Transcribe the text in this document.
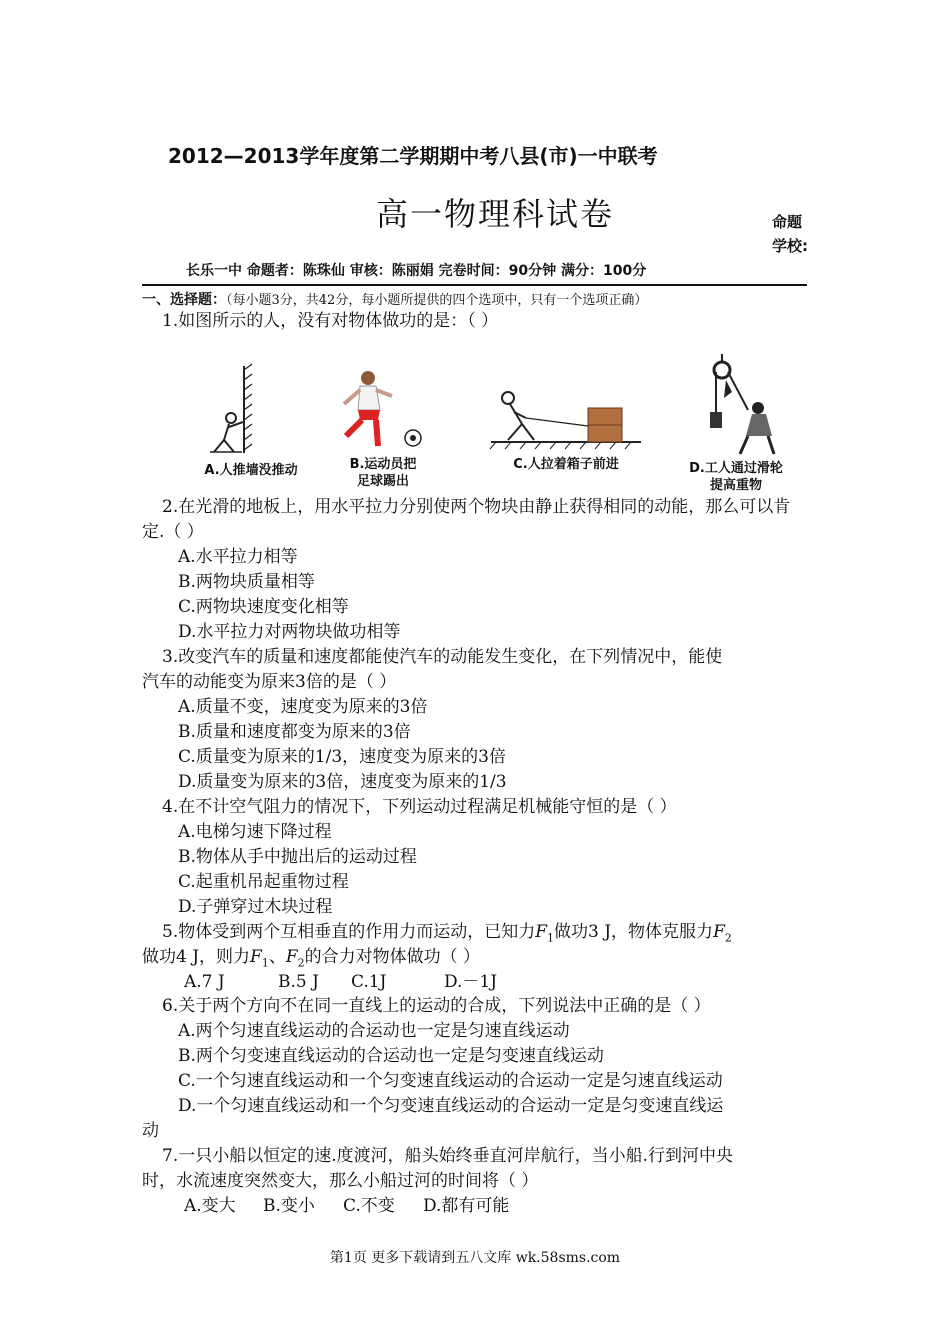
2012—2013学年度第二学期期中考八县(市)一中联考
高一物理科试卷	命题
学校:
长乐一中 命题者：陈珠仙 审核：陈丽娟 完卷时间：90分钟 满分：100分
一、选择题：（每小题3分，共42分，每小题所提供的四个选项中，只有一个选项正确）
1.如图所示的人，没有对物体做功的是：（ ）
A.人推墙没推动	B.运动员把
足球踢出
C.人拉着箱子前进	D.工人通过滑轮
提高重物
2.在光滑的地板上，用水平拉力分别使两个物块由静止获得相同的动能，那么可以肯定.（ ）
A.水平拉力相等
B.两物块质量相等
C.两物块速度变化相等
D.水平拉力对两物块做功相等
3.改变汽车的质量和速度都能使汽车的动能发生变化，在下列情况中，能使
汽车的动能变为原来3倍的是（ ）
A.质量不变，速度变为原来的3倍
B.质量和速度都变为原来的3倍
C.质量变为原来的1/3，速度变为原来的3倍
D.质量变为原来的3倍，速度变为原来的1/3
4.在不计空气阻力的情况下，下列运动过程满足机械能守恒的是（ ）
A.电梯匀速下降过程
B.物体从手中抛出后的运动过程
C.起重机吊起重物过程
D.子弹穿过木块过程
5.物体受到两个互相垂直的作用力而运动，已知力$F_1$做功3 J，物体克服力$F_2$
做功4 J，则力$F_1$、$F_2$的合力对物体做功（ ）
A.7 J	B.5 J C.1J	D.－1J
6.关于两个方向不在同一直线上的运动的合成，下列说法中正确的是（ ）
A.两个匀速直线运动的合运动也一定是匀速直线运动
B.两个匀变速直线运动的合运动也一定是匀变速直线运动
C.一个匀速直线运动和一个匀变速直线运动的合运动一定是匀速直线运动
D.一个匀速直线运动和一个匀变速直线运动的合运动一定是匀变速直线运
动
7.一只小船以恒定的速.度渡河，船头始终垂直河岸航行，当小船.行到河中央
时，水流速度突然变大，那么小船过河的时间将（ ）
A.变大 B.变小 C.不变 D.都有可能
第1页 更多下载请到五八文库 wk.58sms.com
